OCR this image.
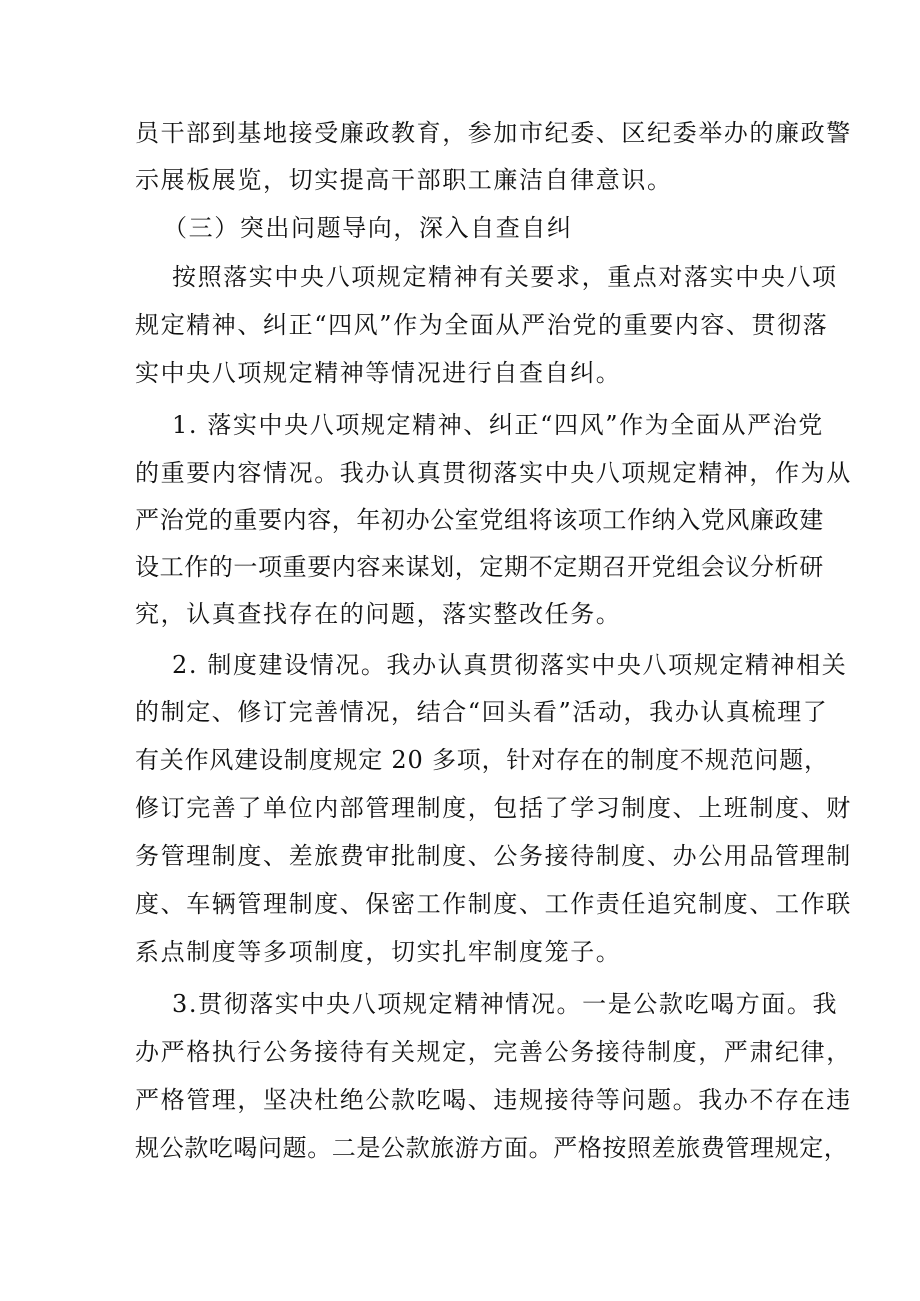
员干部到基地接受廉政教育，参加市纪委、区纪委举办的廉政警
示展板展览，切实提高干部职工廉洁自律意识。
（三）突出问题导向，深入自查自纠
按照落实中央八项规定精神有关要求，重点对落实中央八项
规定精神、纠正“四风”作为全面从严治党的重要内容、贯彻落
实中央八项规定精神等情况进行自查自纠。
1. 落实中央八项规定精神、纠正“四风”作为全面从严治党
的重要内容情况。我办认真贯彻落实中央八项规定精神，作为从
严治党的重要内容，年初办公室党组将该项工作纳入党风廉政建
设工作的一项重要内容来谋划，定期不定期召开党组会议分析研
究，认真查找存在的问题，落实整改任务。
2. 制度建设情况。我办认真贯彻落实中央八项规定精神相关
的制定、修订完善情况，结合“回头看”活动，我办认真梳理了
有关作风建设制度规定 20 多项，针对存在的制度不规范问题，
修订完善了单位内部管理制度，包括了学习制度、上班制度、财
务管理制度、差旅费审批制度、公务接待制度、办公用品管理制
度、车辆管理制度、保密工作制度、工作责任追究制度、工作联
系点制度等多项制度，切实扎牢制度笼子。
3.贯彻落实中央八项规定精神情况。一是公款吃喝方面。我
办严格执行公务接待有关规定，完善公务接待制度，严肃纪律，
严格管理，坚决杜绝公款吃喝、违规接待等问题。我办不存在违
规公款吃喝问题。二是公款旅游方面。严格按照差旅费管理规定，
